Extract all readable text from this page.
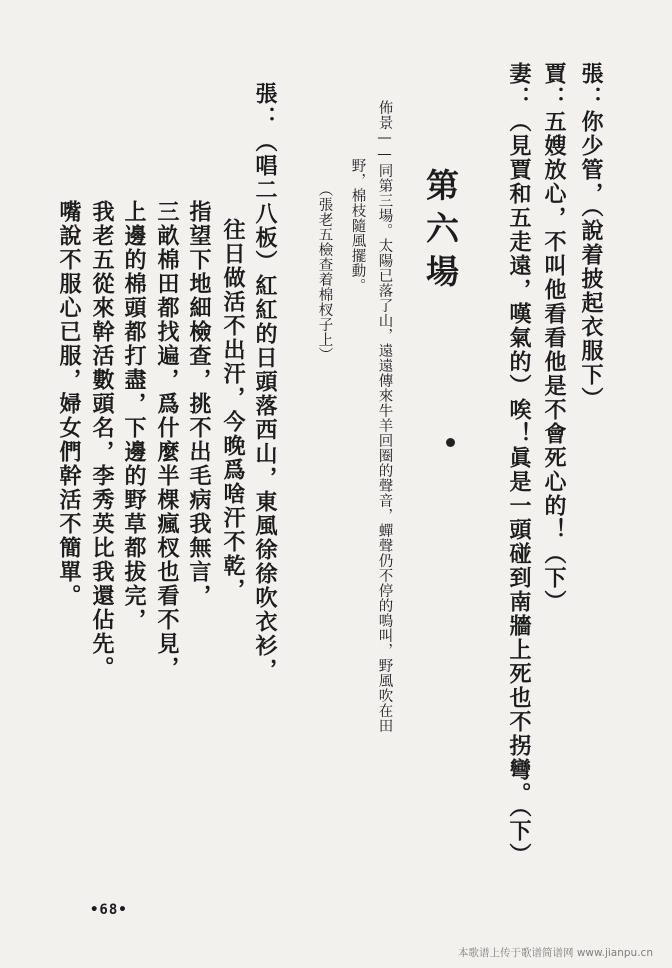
張：你少管，（說着披起衣服下）
賈：五嫂放心，不叫他看看他是不會死心的！（下）
妻：（見賈和五走遠，嘆氣的）唉！眞是一頭碰到南牆上死也不拐彎。（下）
第六場
佈景——同第三場。太陽已落了山，遠遠傳來牛羊回圈的聲音，蟬聲仍不停的鳴叫，野風吹在田
野，棉枝隨風擺動。
（張老五檢查着棉杈子上）
張：（唱二八板）紅紅的日頭落西山，東風徐徐吹衣衫，
往日做活不出汗，今晚爲啥汗不乾，
指望下地細檢查，挑不出毛病我無言，
三畝棉田都找遍，爲什麼半棵瘋杈也看不見，
上邊的棉頭都打盡，下邊的野草都拔完，
我老五從來幹活數頭名，李秀英比我還佔先。
嘴說不服心已服，婦女們幹活不簡單。
•68•
本歌谱上传于歌谱简谱网 www.jianpu.cn
